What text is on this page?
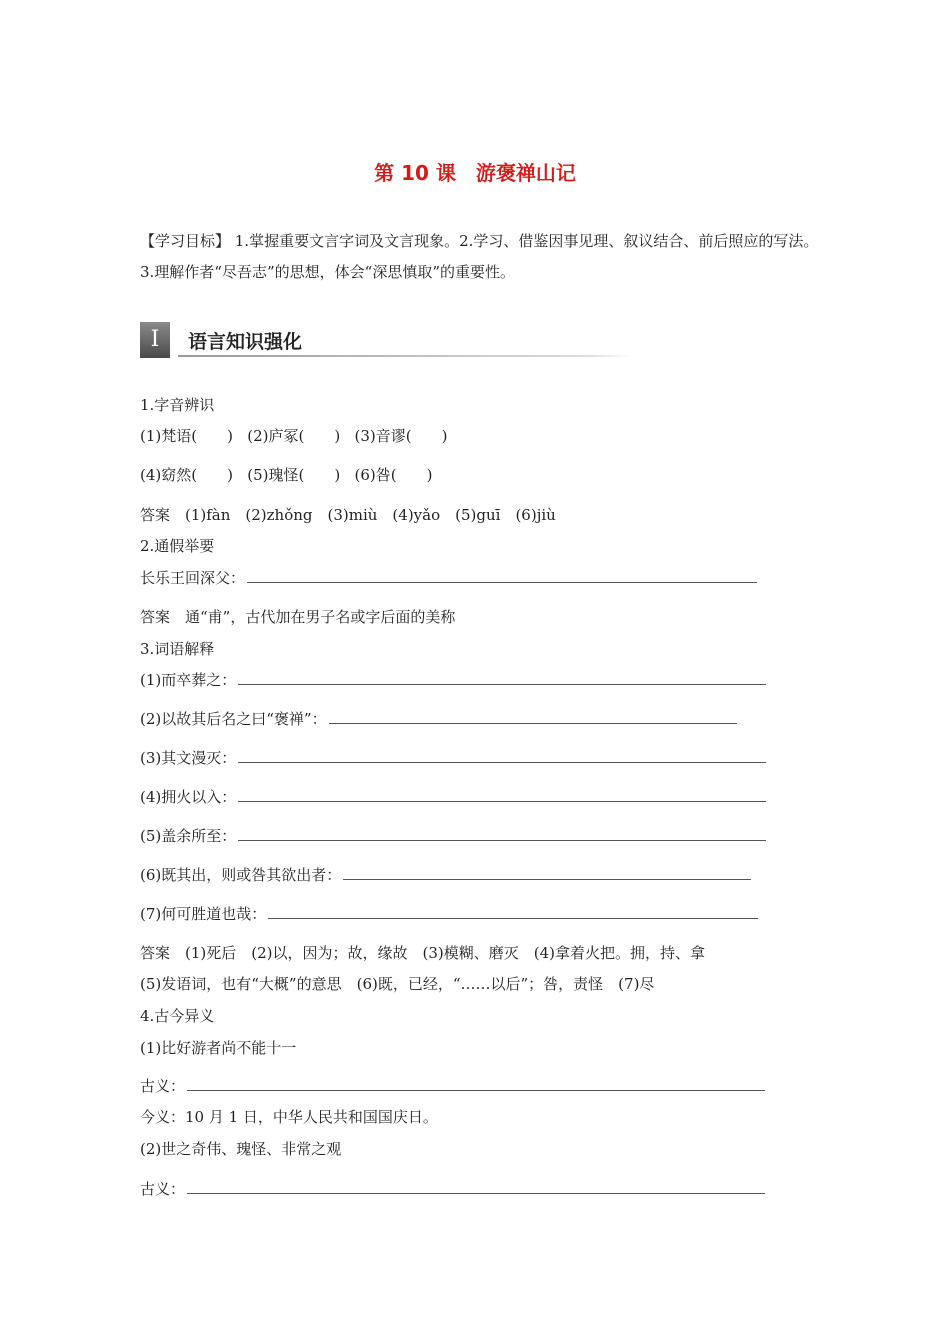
第 10 课　游褒禅山记
【学习目标】 1.掌握重要文言字词及文言现象。2.学习、借鉴因事见理、叙议结合、前后照应的写法。3.理解作者“尽吾志”的思想，体会“深思慎取”的重要性。
I	语言知识强化
1.字音辨识
(1)梵语(　　) (2)庐冢(　　) (3)音谬(　　)
(4)窈然(　　) (5)瑰怪(　　) (6)咎(　　)
答案　(1)fàn　(2)zhǒng　(3)miù　(4)yǎo　(5)guī　(6)jiù
2.通假举要
长乐王回深父：
答案　通“甫”，古代加在男子名或字后面的美称
3.词语解释
(1)而卒葬之：
(2)以故其后名之曰“褒禅”：
(3)其文漫灭：
(4)拥火以入：
(5)盖余所至：
(6)既其出，则或咎其欲出者：
(7)何可胜道也哉：
答案　(1)死后　(2)以，因为；故，缘故　(3)模糊、磨灭　(4)拿着火把。拥，持、拿
(5)发语词，也有“大概”的意思　(6)既，已经，“……以后”；咎，责怪　(7)尽
4.古今异义
(1)比好游者尚不能十一
古义：
今义：10 月 1 日，中华人民共和国国庆日。
(2)世之奇伟、瑰怪、非常之观
古义：
